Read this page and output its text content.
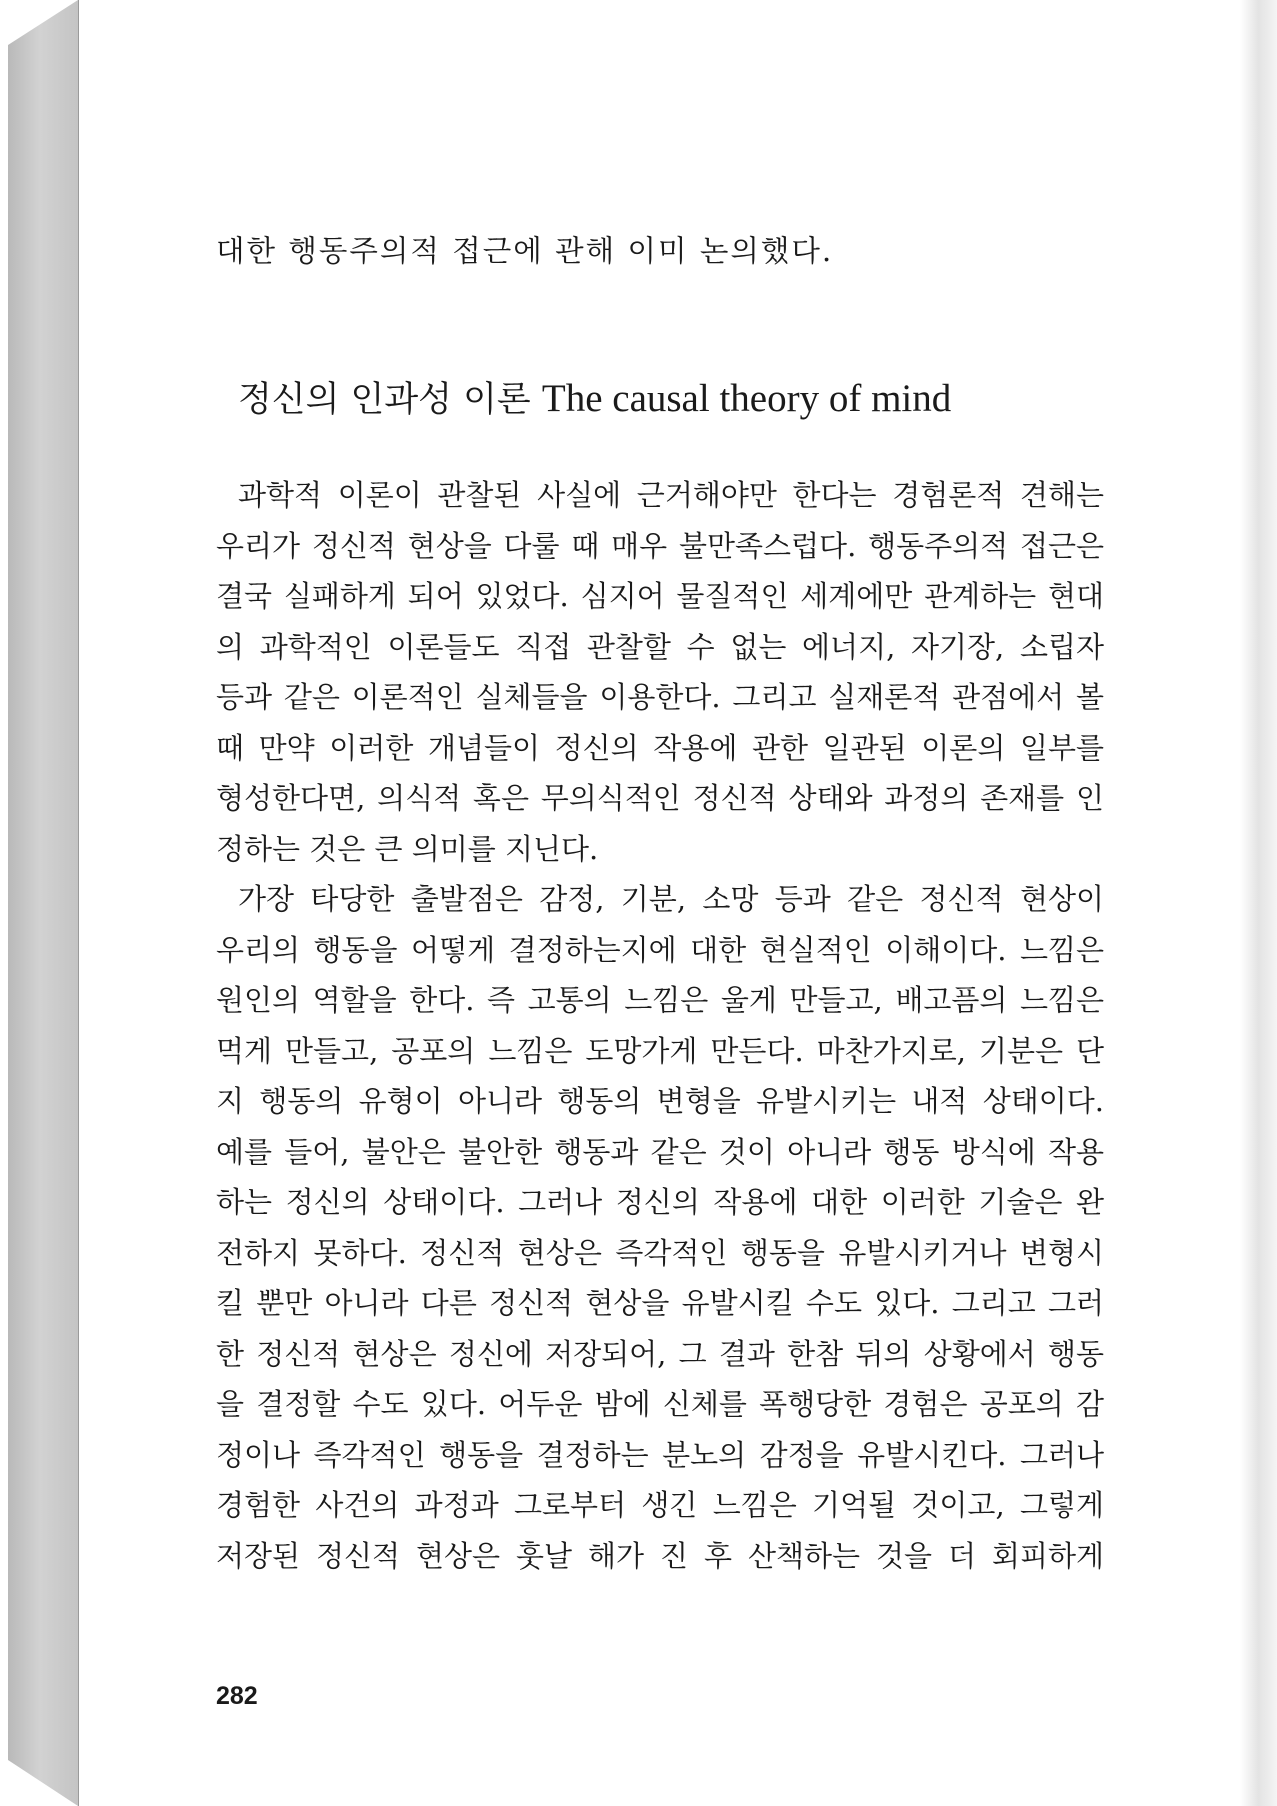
대한 행동주의적 접근에 관해 이미 논의했다.
정신의 인과성 이론 The causal theory of mind
과학적 이론이 관찰된 사실에 근거해야만 한다는 경험론적 견해는
우리가 정신적 현상을 다룰 때 매우 불만족스럽다. 행동주의적 접근은
결국 실패하게 되어 있었다. 심지어 물질적인 세계에만 관계하는 현대
의 과학적인 이론들도 직접 관찰할 수 없는 에너지, 자기장, 소립자
등과 같은 이론적인 실체들을 이용한다. 그리고 실재론적 관점에서 볼
때 만약 이러한 개념들이 정신의 작용에 관한 일관된 이론의 일부를
형성한다면, 의식적 혹은 무의식적인 정신적 상태와 과정의 존재를 인
정하는 것은 큰 의미를 지닌다.
가장 타당한 출발점은 감정, 기분, 소망 등과 같은 정신적 현상이
우리의 행동을 어떻게 결정하는지에 대한 현실적인 이해이다. 느낌은
원인의 역할을 한다. 즉 고통의 느낌은 울게 만들고, 배고픔의 느낌은
먹게 만들고, 공포의 느낌은 도망가게 만든다. 마찬가지로, 기분은 단
지 행동의 유형이 아니라 행동의 변형을 유발시키는 내적 상태이다.
예를 들어, 불안은 불안한 행동과 같은 것이 아니라 행동 방식에 작용
하는 정신의 상태이다. 그러나 정신의 작용에 대한 이러한 기술은 완
전하지 못하다. 정신적 현상은 즉각적인 행동을 유발시키거나 변형시
킬 뿐만 아니라 다른 정신적 현상을 유발시킬 수도 있다. 그리고 그러
한 정신적 현상은 정신에 저장되어, 그 결과 한참 뒤의 상황에서 행동
을 결정할 수도 있다. 어두운 밤에 신체를 폭행당한 경험은 공포의 감
정이나 즉각적인 행동을 결정하는 분노의 감정을 유발시킨다. 그러나
경험한 사건의 과정과 그로부터 생긴 느낌은 기억될 것이고, 그렇게
저장된 정신적 현상은 훗날 해가 진 후 산책하는 것을 더 회피하게
282
